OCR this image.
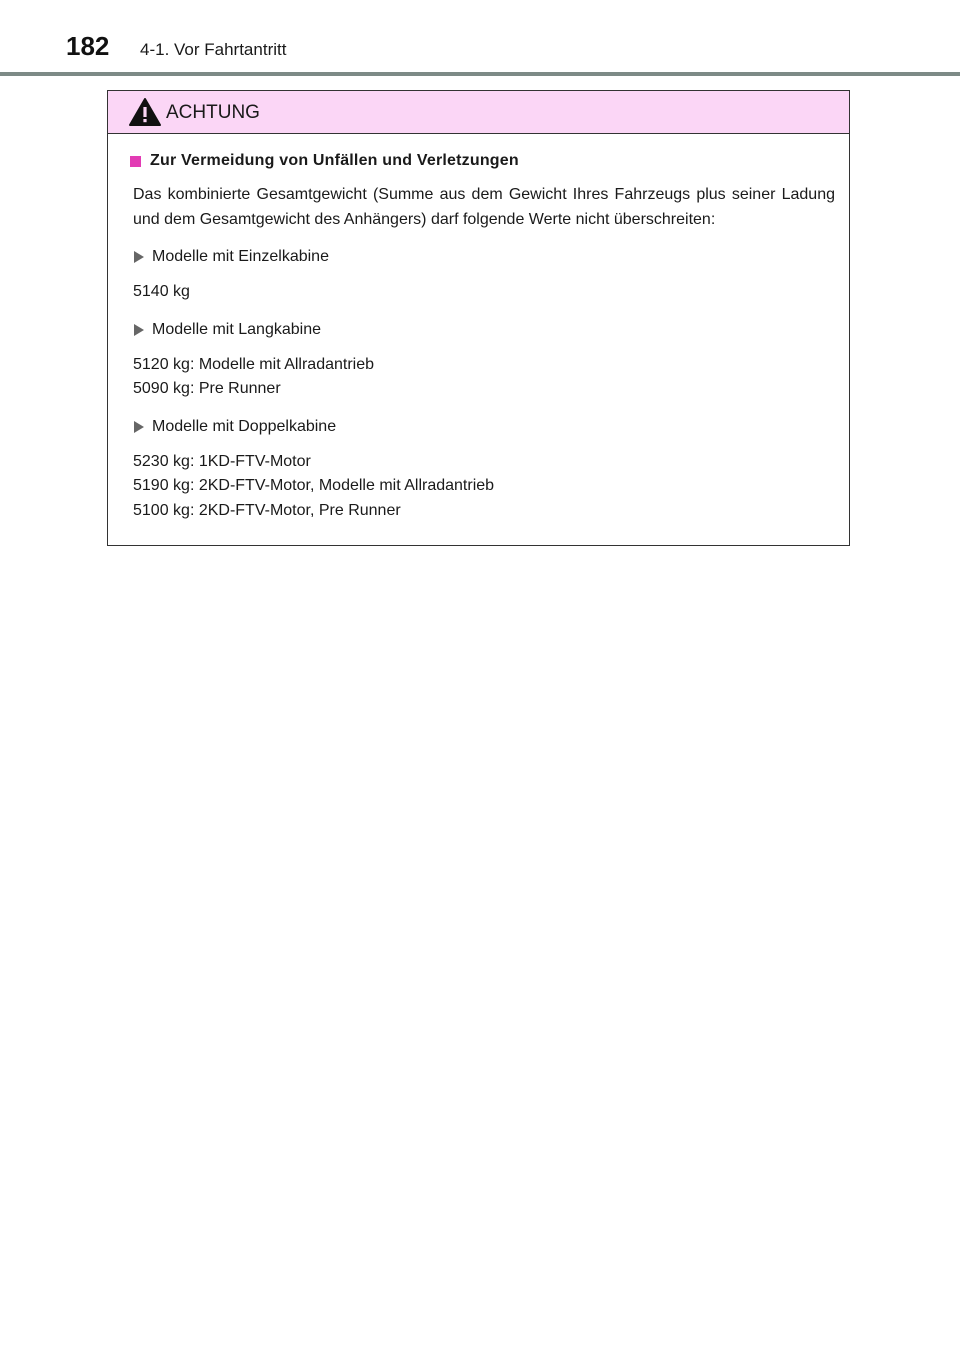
182 4-1. Vor Fahrtantritt
ACHTUNG
Zur Vermeidung von Unfällen und Verletzungen
Das kombinierte Gesamtgewicht (Summe aus dem Gewicht Ihres Fahrzeugs plus seiner Ladung und dem Gesamtgewicht des Anhängers) darf folgende Werte nicht überschreiten:
Modelle mit Einzelkabine
5140 kg
Modelle mit Langkabine
5120 kg: Modelle mit Allradantrieb
5090 kg: Pre Runner
Modelle mit Doppelkabine
5230 kg: 1KD-FTV-Motor
5190 kg: 2KD-FTV-Motor, Modelle mit Allradantrieb
5100 kg: 2KD-FTV-Motor, Pre Runner
